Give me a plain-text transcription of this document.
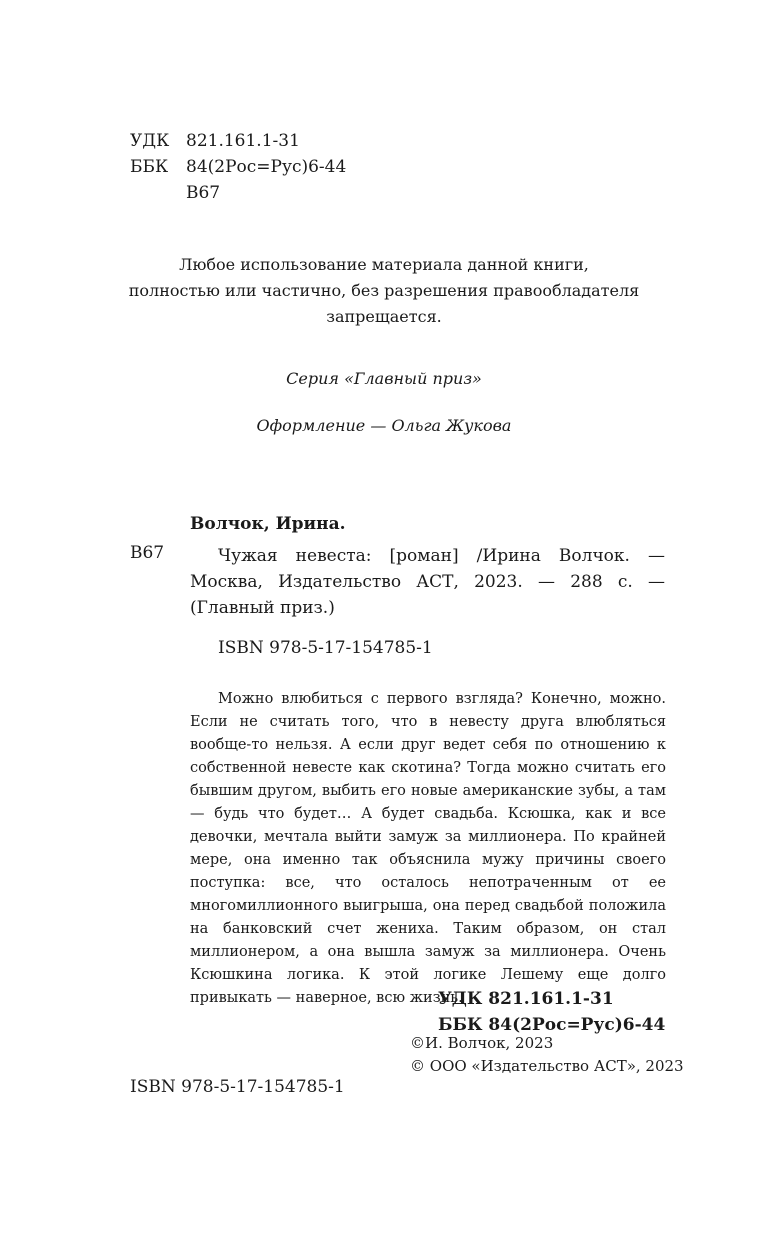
УДК 821.161.1-31
ББК 84(2Рос=Рус)6-44
В67
Любое использование материала данной книги,
полностью или частично, без разрешения правообладателя
запрещается.
Серия «Главный приз»
Оформление — Ольга Жукова
Волчок, Ирина.
В67	Чужая невеста: [роман] /Ирина Волчок. — Москва, Издательство АСТ, 2023. — 288 с. — (Главный приз.)
ISBN 978-5-17-154785-1
Можно влюбиться с первого взгляда? Конечно, можно. Если не считать того, что в невесту друга влюбляться вообще-то нельзя. А если друг ведет себя по отношению к собственной невесте как скотина? Тогда можно считать его бывшим другом, выбить его новые американские зубы, а там — будь что будет… А будет свадьба. Ксюшка, как и все девочки, мечтала выйти замуж за миллионера. По крайней мере, она именно так объяснила мужу причины своего поступка: все, что осталось непотраченным от ее многомиллионного выигрыша, она перед свадьбой положила на банковский счет жениха. Таким образом, он стал миллионером, а она вышла замуж за миллионера. Очень Ксюшкина логика. К этой логике Лешему еще долго привыкать — наверное, всю жизнь.
УДК 821.161.1-31
ББК 84(2Рос=Рус)6-44
©И. Волчок, 2023
© ООО «Издательство АСТ», 2023
ISBN 978-5-17-154785-1
